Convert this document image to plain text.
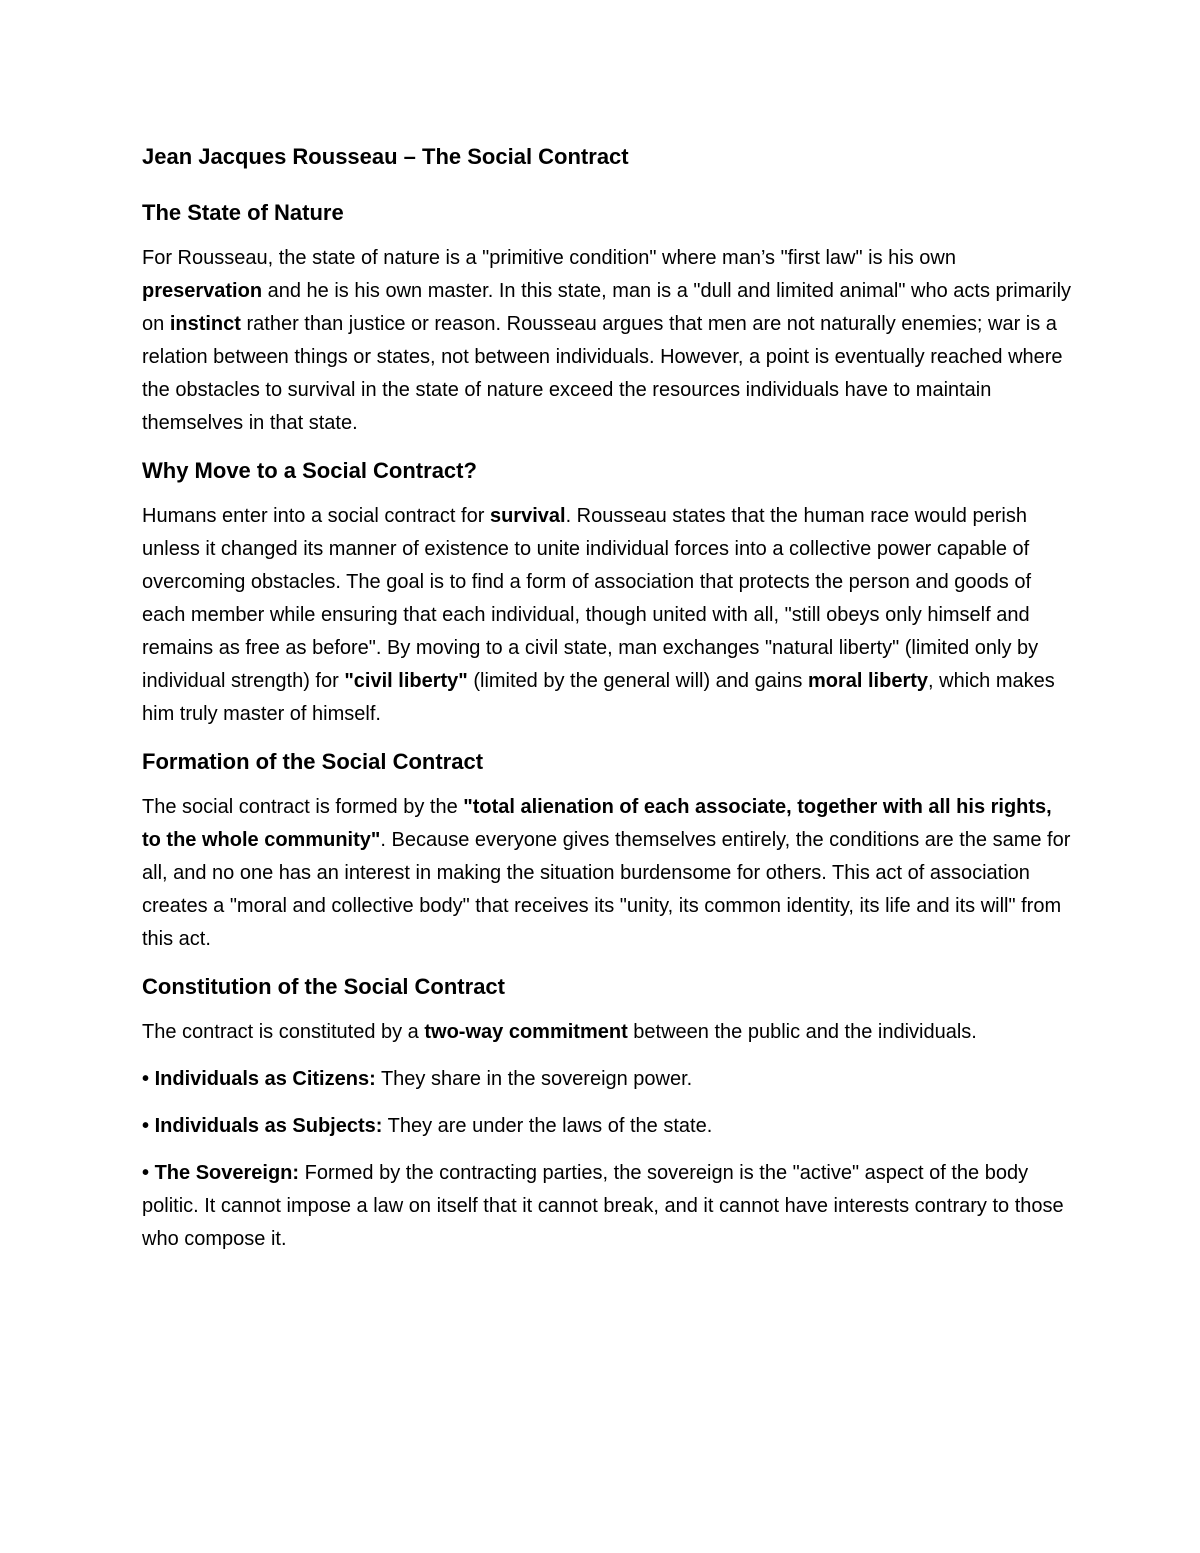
Jean Jacques Rousseau – The Social Contract
The State of Nature

For Rousseau, the state of nature is a "primitive condition" where man’s "first law" is his own preservation and he is his own master. In this state, man is a "dull and limited animal" who acts primarily on instinct rather than justice or reason. Rousseau argues that men are not naturally enemies; war is a relation between things or states, not between individuals. However, a point is eventually reached where the obstacles to survival in the state of nature exceed the resources individuals have to maintain themselves in that state.

Why Move to a Social Contract?

Humans enter into a social contract for survival. Rousseau states that the human race would perish unless it changed its manner of existence to unite individual forces into a collective power capable of overcoming obstacles. The goal is to find a form of association that protects the person and goods of each member while ensuring that each individual, though united with all, "still obeys only himself and remains as free as before". By moving to a civil state, man exchanges "natural liberty" (limited only by individual strength) for "civil liberty" (limited by the general will) and gains moral liberty, which makes him truly master of himself.

Formation of the Social Contract

The social contract is formed by the "total alienation of each associate, together with all his rights, to the whole community". Because everyone gives themselves entirely, the conditions are the same for all, and no one has an interest in making the situation burdensome for others. This act of association creates a "moral and collective body" that receives its "unity, its common identity, its life and its will" from this act.

Constitution of the Social Contract

The contract is constituted by a two-way commitment between the public and the individuals.

• Individuals as Citizens: They share in the sovereign power.

• Individuals as Subjects: They are under the laws of the state.

• The Sovereign: Formed by the contracting parties, the sovereign is the "active" aspect of the body politic. It cannot impose a law on itself that it cannot break, and it cannot have interests contrary to those who compose it.
